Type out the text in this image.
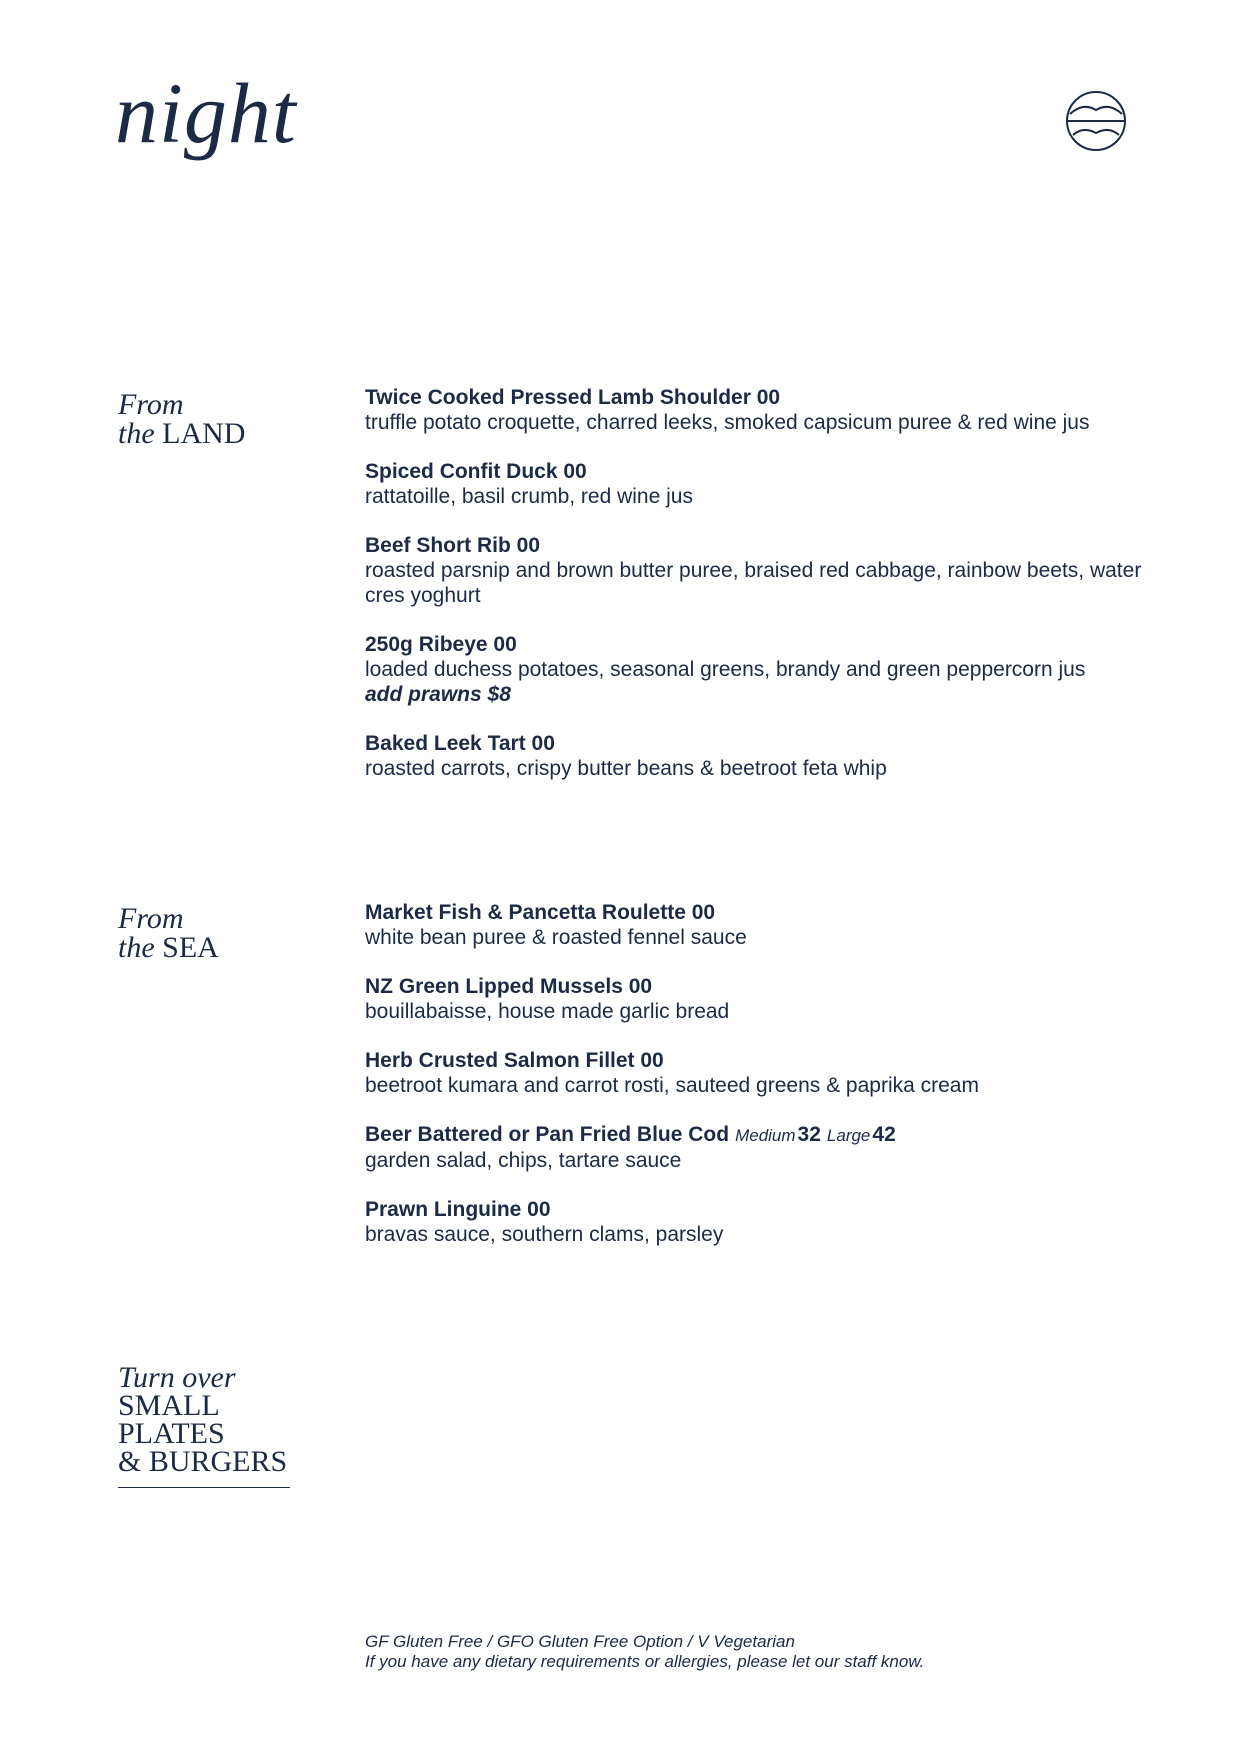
night
From
the LAND
Twice Cooked Pressed Lamb Shoulder 00
truffle potato croquette, charred leeks, smoked capsicum puree & red wine jus
Spiced Confit Duck 00
rattatoille, basil crumb, red wine jus
Beef Short Rib 00
roasted parsnip and brown butter puree, braised red cabbage, rainbow beets, water cres yoghurt
250g Ribeye 00
loaded duchess potatoes, seasonal greens, brandy and green peppercorn jus
add prawns $8
Baked Leek Tart 00
roasted carrots, crispy butter beans & beetroot feta whip
From
the SEA
Market Fish & Pancetta Roulette 00
white bean puree & roasted fennel sauce
NZ Green Lipped Mussels 00
bouillabaisse, house made garlic bread
Herb Crusted Salmon Fillet 00
beetroot kumara and carrot rosti, sauteed greens & paprika cream
Beer Battered or Pan Fried Blue Cod Medium32 Large42
garden salad, chips, tartare sauce
Prawn Linguine 00
bravas sauce, southern clams, parsley
Turn over
SMALL
PLATES
& BURGERS
GF Gluten Free / GFO Gluten Free Option / V Vegetarian
If you have any dietary requirements or allergies, please let our staff know.
